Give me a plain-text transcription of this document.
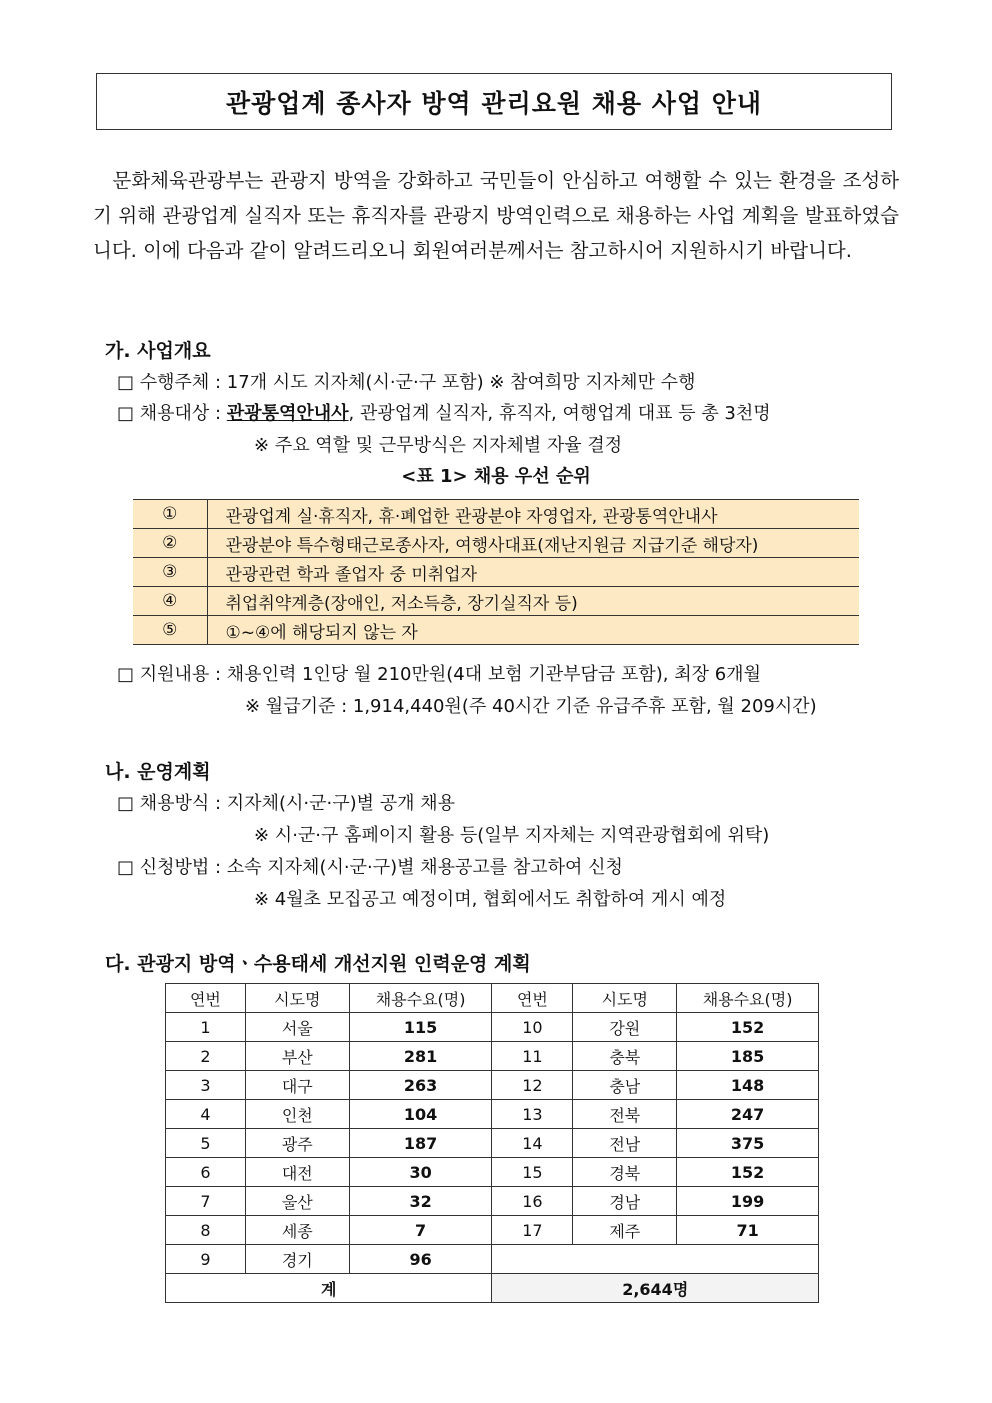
관광업계 종사자 방역 관리요원 채용 사업 안내
 문화체육관광부는 관광지 방역을 강화하고 국민들이 안심하고 여행할 수 있는 환경을 조성하기 위해 관광업계 실직자 또는 휴직자를 관광지 방역인력으로 채용하는 사업 계획을 발표하였습니다. 이에 다음과 같이 알려드리오니 회원여러분께서는 참고하시어 지원하시기 바랍니다.
가. 사업개요
□ 수행주체 : 17개 시도 지자체(시·군·구 포함) ※ 참여희망 지자체만 수행
□ 채용대상 : 관광통역안내사, 관광업계 실직자, 휴직자, 여행업계 대표 등 총 3천명
※ 주요 역할 및 근무방식은 지자체별 자율 결정
<표 1> 채용 우선 순위
①	관광업계 실·휴직자, 휴·폐업한 관광분야 자영업자, 관광통역안내사
②	관광분야 특수형태근로종사자, 여행사대표(재난지원금 지급기준 해당자)
③	관광관련 학과 졸업자 중 미취업자
④	취업취약계층(장애인, 저소득층, 장기실직자 등)
⑤	①~④에 해당되지 않는 자
□ 지원내용 : 채용인력 1인당 월 210만원(4대 보험 기관부담금 포함), 최장 6개월
※ 월급기준 : 1,914,440원(주 40시간 기준 유급주휴 포함, 월 209시간)
나. 운영계획
□ 채용방식 : 지자체(시·군·구)별 공개 채용
※ 시·군·구 홈페이지 활용 등(일부 지자체는 지역관광협회에 위탁)
□ 신청방법 : 소속 지자체(시·군·구)별 채용공고를 참고하여 신청
※ 4월초 모집공고 예정이며, 협회에서도 취합하여 게시 예정
다. 관광지 방역ㆍ수용태세 개선지원 인력운영 계획
연번	시도명	채용수요(명)	연번	시도명	채용수요(명)
1	서울	115	10	강원	152
2	부산	281	11	충북	185
3	대구	263	12	충남	148
4	인천	104	13	전북	247
5	광주	187	14	전남	375
6	대전	30	15	경북	152
7	울산	32	16	경남	199
8	세종	7	17	제주	71
9	경기	96			
계			2,644명		
